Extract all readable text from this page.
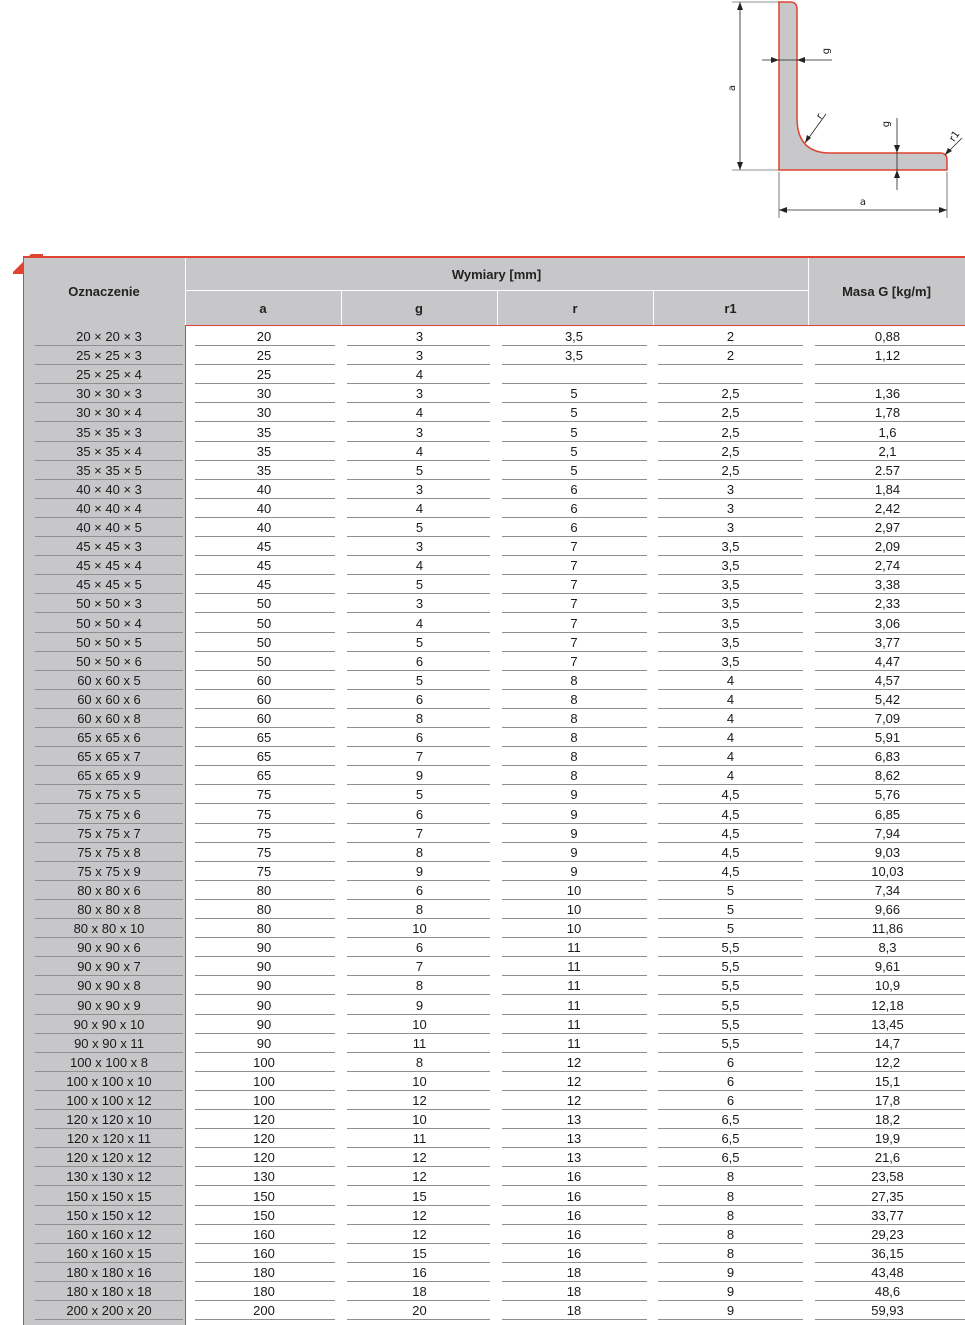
a
a
g
g
r
r1
Oznaczenie
Wymiary [mm]
a	g	r	r1
Masa G [kg/m]
20 × 20 × 3	20	3	3,5	2	0,88
25 × 25 × 3	25	3	3,5	2	1,12
25 × 25 × 4	25	4
30 × 30 × 3	30	3	5	2,5	1,36
30 × 30 × 4	30	4	5	2,5	1,78
35 × 35 × 3	35	3	5	2,5	1,6
35 × 35 × 4	35	4	5	2,5	2,1
35 × 35 × 5	35	5	5	2,5	2.57
40 × 40 × 3	40	3	6	3	1,84
40 × 40 × 4	40	4	6	3	2,42
40 × 40 × 5	40	5	6	3	2,97
45 × 45 × 3	45	3	7	3,5	2,09
45 × 45 × 4	45	4	7	3,5	2,74
45 × 45 × 5	45	5	7	3,5	3,38
50 × 50 × 3	50	3	7	3,5	2,33
50 × 50 × 4	50	4	7	3,5	3,06
50 × 50 × 5	50	5	7	3,5	3,77
50 × 50 × 6	50	6	7	3,5	4,47
60 x 60 x 5	60	5	8	4	4,57
60 x 60 x 6	60	6	8	4	5,42
60 x 60 x 8	60	8	8	4	7,09
65 x 65 x 6	65	6	8	4	5,91
65 x 65 x 7	65	7	8	4	6,83
65 x 65 x 9	65	9	8	4	8,62
75 x 75 x 5	75	5	9	4,5	5,76
75 x 75 x 6	75	6	9	4,5	6,85
75 x 75 x 7	75	7	9	4,5	7,94
75 x 75 x 8	75	8	9	4,5	9,03
75 x 75 x 9	75	9	9	4,5	10,03
80 x 80 x 6	80	6	10	5	7,34
80 x 80 x 8	80	8	10	5	9,66
80 x 80 x 10	80	10	10	5	11,86
90 x 90 x 6	90	6	11	5,5	8,3
90 x 90 x 7	90	7	11	5,5	9,61
90 x 90 x 8	90	8	11	5,5	10,9
90 x 90 x 9	90	9	11	5,5	12,18
90 x 90 x 10	90	10	11	5,5	13,45
90 x 90 x 11	90	11	11	5,5	14,7
100 x 100 x 8	100	8	12	6	12,2
100 x 100 x 10	100	10	12	6	15,1
100 x 100 x 12	100	12	12	6	17,8
120 x 120 x 10	120	10	13	6,5	18,2
120 x 120 x 11	120	11	13	6,5	19,9
120 x 120 x 12	120	12	13	6,5	21,6
130 x 130 x 12	130	12	16	8	23,58
150 x 150 x 15	150	15	16	8	27,35
150 x 150 x 12	150	12	16	8	33,77
160 x 160 x 12	160	12	16	8	29,23
160 x 160 x 15	160	15	16	8	36,15
180 x 180 x 16	180	16	18	9	43,48
180 x 180 x 18	180	18	18	9	48,6
200 x 200 x 20	200	20	18	9	59,93
